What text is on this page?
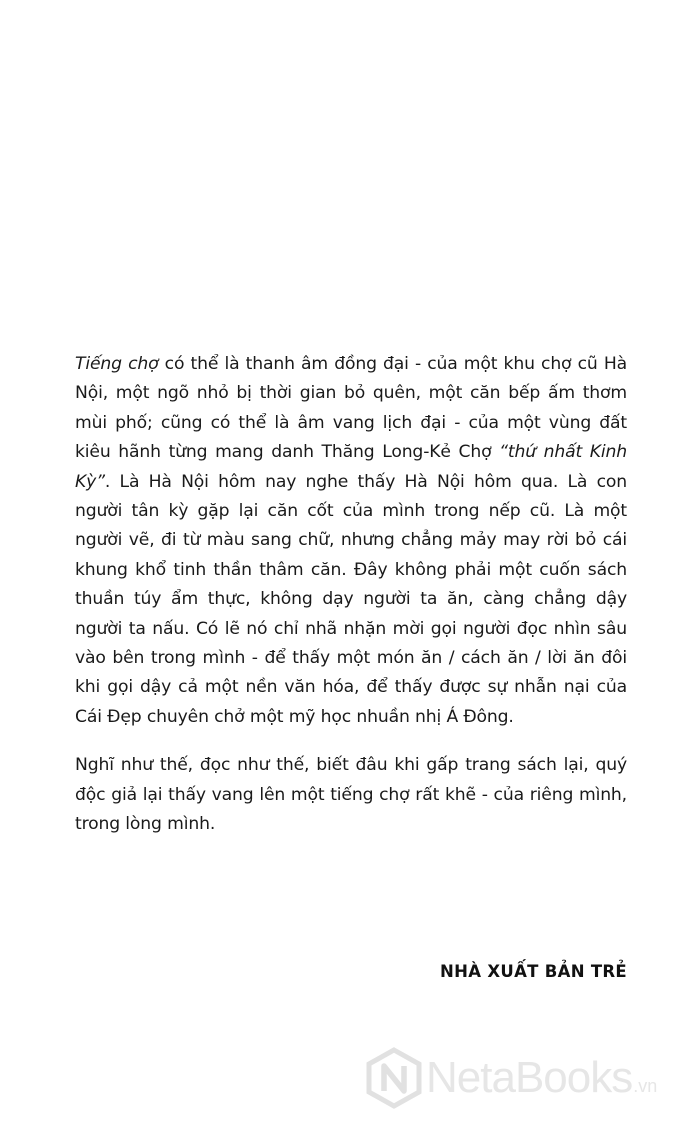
Tiếng chợ có thể là thanh âm đồng đại - của một khu chợ cũ Hà Nội, một ngõ nhỏ bị thời gian bỏ quên, một căn bếp ấm thơm mùi phố; cũng có thể là âm vang lịch đại - của một vùng đất kiêu hãnh từng mang danh Thăng Long-Kẻ Chợ “thứ nhất Kinh Kỳ”. Là Hà Nội hôm nay nghe thấy Hà Nội hôm qua. Là con người tân kỳ gặp lại căn cốt của mình trong nếp cũ. Là một người vẽ, đi từ màu sang chữ, nhưng chẳng mảy may rời bỏ cái khung khổ tinh thần thâm căn. Đây không phải một cuốn sách thuần túy ẩm thực, không dạy người ta ăn, càng chẳng dậy người ta nấu. Có lẽ nó chỉ nhã nhặn mời gọi người đọc nhìn sâu vào bên trong mình - để thấy một món ăn / cách ăn / lời ăn đôi khi gọi dậy cả một nền văn hóa, để thấy được sự nhẫn nại của Cái Đẹp chuyên chở một mỹ học nhuần nhị Á Đông.

Nghĩ như thế, đọc như thế, biết đâu khi gấp trang sách lại, quý độc giả lại thấy vang lên một tiếng chợ rất khẽ - của riêng mình, trong lòng mình.

NHÀ XUẤT BẢN TRẺ
NetaBooks.vn
